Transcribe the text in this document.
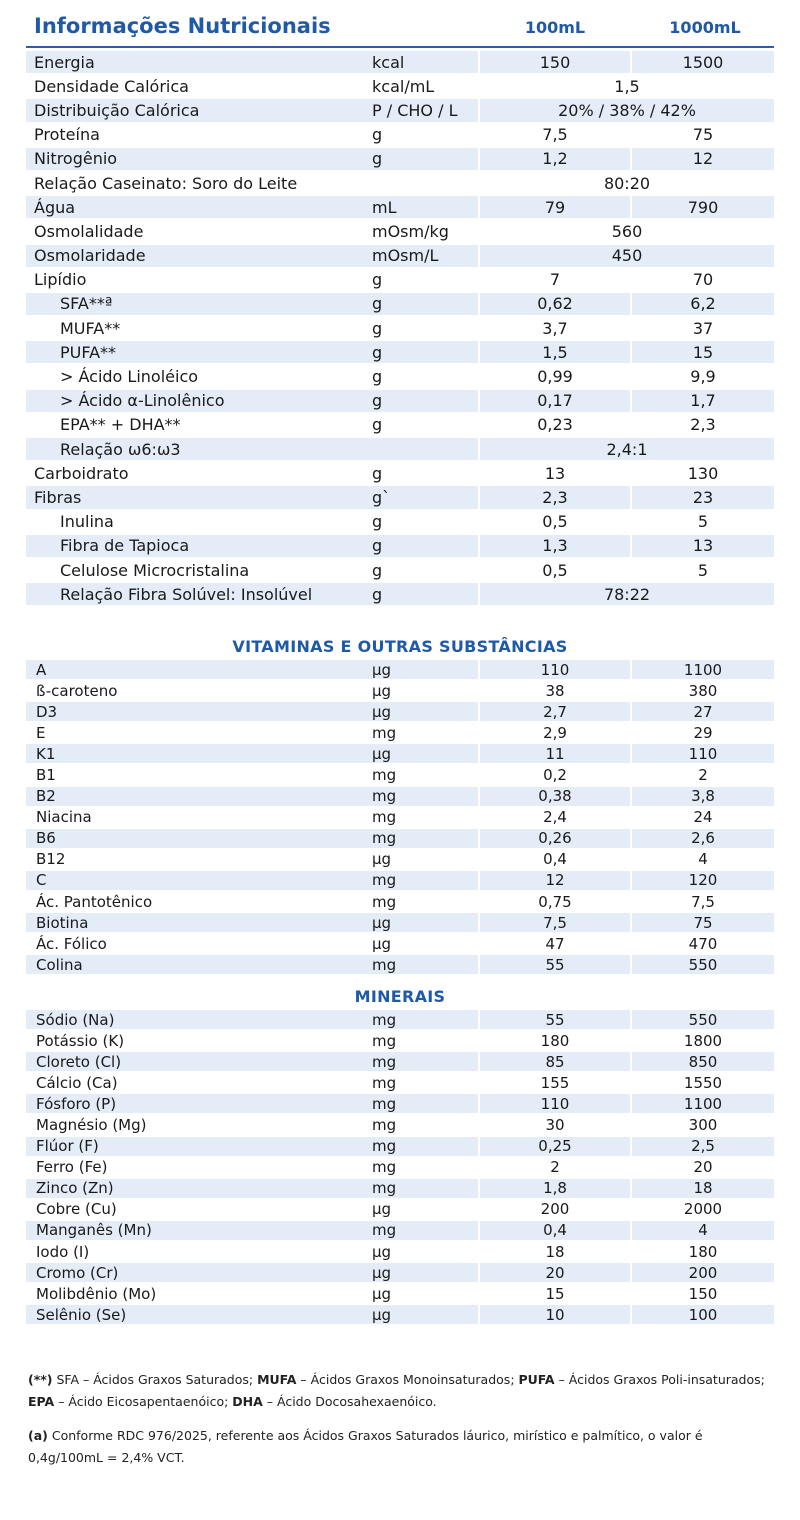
Informações Nutricionais	100mL	1000mL
Energia	kcal	150	1500
Densidade Calórica	kcal/mL	1,5
Distribuição Calórica	P / CHO / L	20% / 38% / 42%
Proteína	g	7,5	75
Nitrogênio	g	1,2	12
Relação Caseinato: Soro do Leite	80:20
Água	mL	79	790
Osmolalidade	mOsm/kg	560
Osmolaridade	mOsm/L	450
Lipídio	g	7	70
SFA**ª	g	0,62	6,2
MUFA**	g	3,7	37
PUFA**	g	1,5	15
> Ácido Linoléico	g	0,99	9,9
> Ácido α-Linolênico	g	0,17	1,7
EPA** + DHA**	g	0,23	2,3
Relação ω6:ω3	2,4:1
Carboidrato	g	13	130
Fibras	g`	2,3	23
Inulina	g	0,5	5
Fibra de Tapioca	g	1,3	13
Celulose Microcristalina	g	0,5	5
Relação Fibra Solúvel: Insolúvel	g	78:22
VITAMINAS E OUTRAS SUBSTÂNCIAS
A	µg	110	1100
ß-caroteno	µg	38	380
D3	µg	2,7	27
E	mg	2,9	29
K1	µg	11	110
B1	mg	0,2	2
B2	mg	0,38	3,8
Niacina	mg	2,4	24
B6	mg	0,26	2,6
B12	µg	0,4	4
C	mg	12	120
Ác. Pantotênico	mg	0,75	7,5
Biotina	µg	7,5	75
Ác. Fólico	µg	47	470
Colina	mg	55	550
MINERAIS
Sódio (Na)	mg	55	550
Potássio (K)	mg	180	1800
Cloreto (Cl)	mg	85	850
Cálcio (Ca)	mg	155	1550
Fósforo (P)	mg	110	1100
Magnésio (Mg)	mg	30	300
Flúor (F)	mg	0,25	2,5
Ferro (Fe)	mg	2	20
Zinco (Zn)	mg	1,8	18
Cobre (Cu)	µg	200	2000
Manganês (Mn)	mg	0,4	4
Iodo (I)	µg	18	180
Cromo (Cr)	µg	20	200
Molibdênio (Mo)	µg	15	150
Selênio (Se)	µg	10	100
(**) SFA – Ácidos Graxos Saturados; MUFA – Ácidos Graxos Monoinsaturados; PUFA – Ácidos Graxos Poli-insaturados; EPA – Ácido Eicosapentaenóico; DHA – Ácido Docosahexaenóico.
(a) Conforme RDC 976/2025, referente aos Ácidos Graxos Saturados láurico, mirístico e palmítico, o valor é 0,4g/100mL = 2,4% VCT.
